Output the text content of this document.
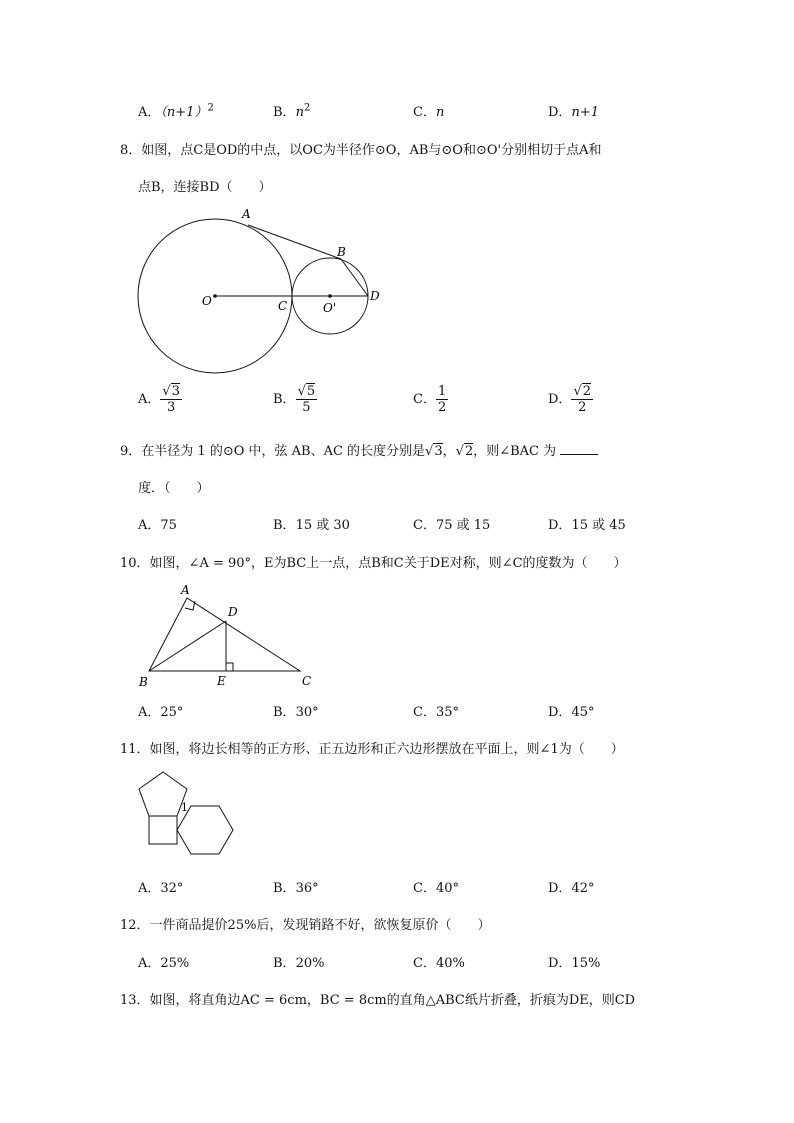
A．$(n+1)^2$	B．$n^2$	C．n	D．n+1
8．如图，点C是OD的中点，以OC为半径作⊙O，AB与⊙O和⊙O'分别相切于点A和
点B，连接BD（　　）
A
B
O	C	O'
D
A． $\frac{√3}{3}$	B． $\frac{√5}{5}$	C． $\frac{1}{2}$	D． $\frac{√2}{2}$
9．在半径为 1 的⊙O 中，弦 AB、AC 的长度分别是√3，√2，则∠BAC 为
度．（　　）
A．75	B．15 或 30	C．75 或 15	D．15 或 45
10．如图，∠A = 90°，E为BC上一点，点B和C关于DE对称，则∠C的度数为（　　）
A
D
B	E	C
A．25°	B．30°	C．35°	D．45°
11．如图，将边长相等的正方形、正五边形和正六边形摆放在平面上，则∠1为（　　）
1
A．32°	B．36°	C．40°	D．42°
12．一件商品提价25%后，发现销路不好，欲恢复原价（　　）
A．25%	B．20%	C．40%	D．15%
13．如图，将直角边AC = 6cm，BC = 8cm的直角△ABC纸片折叠，折痕为DE，则CD
